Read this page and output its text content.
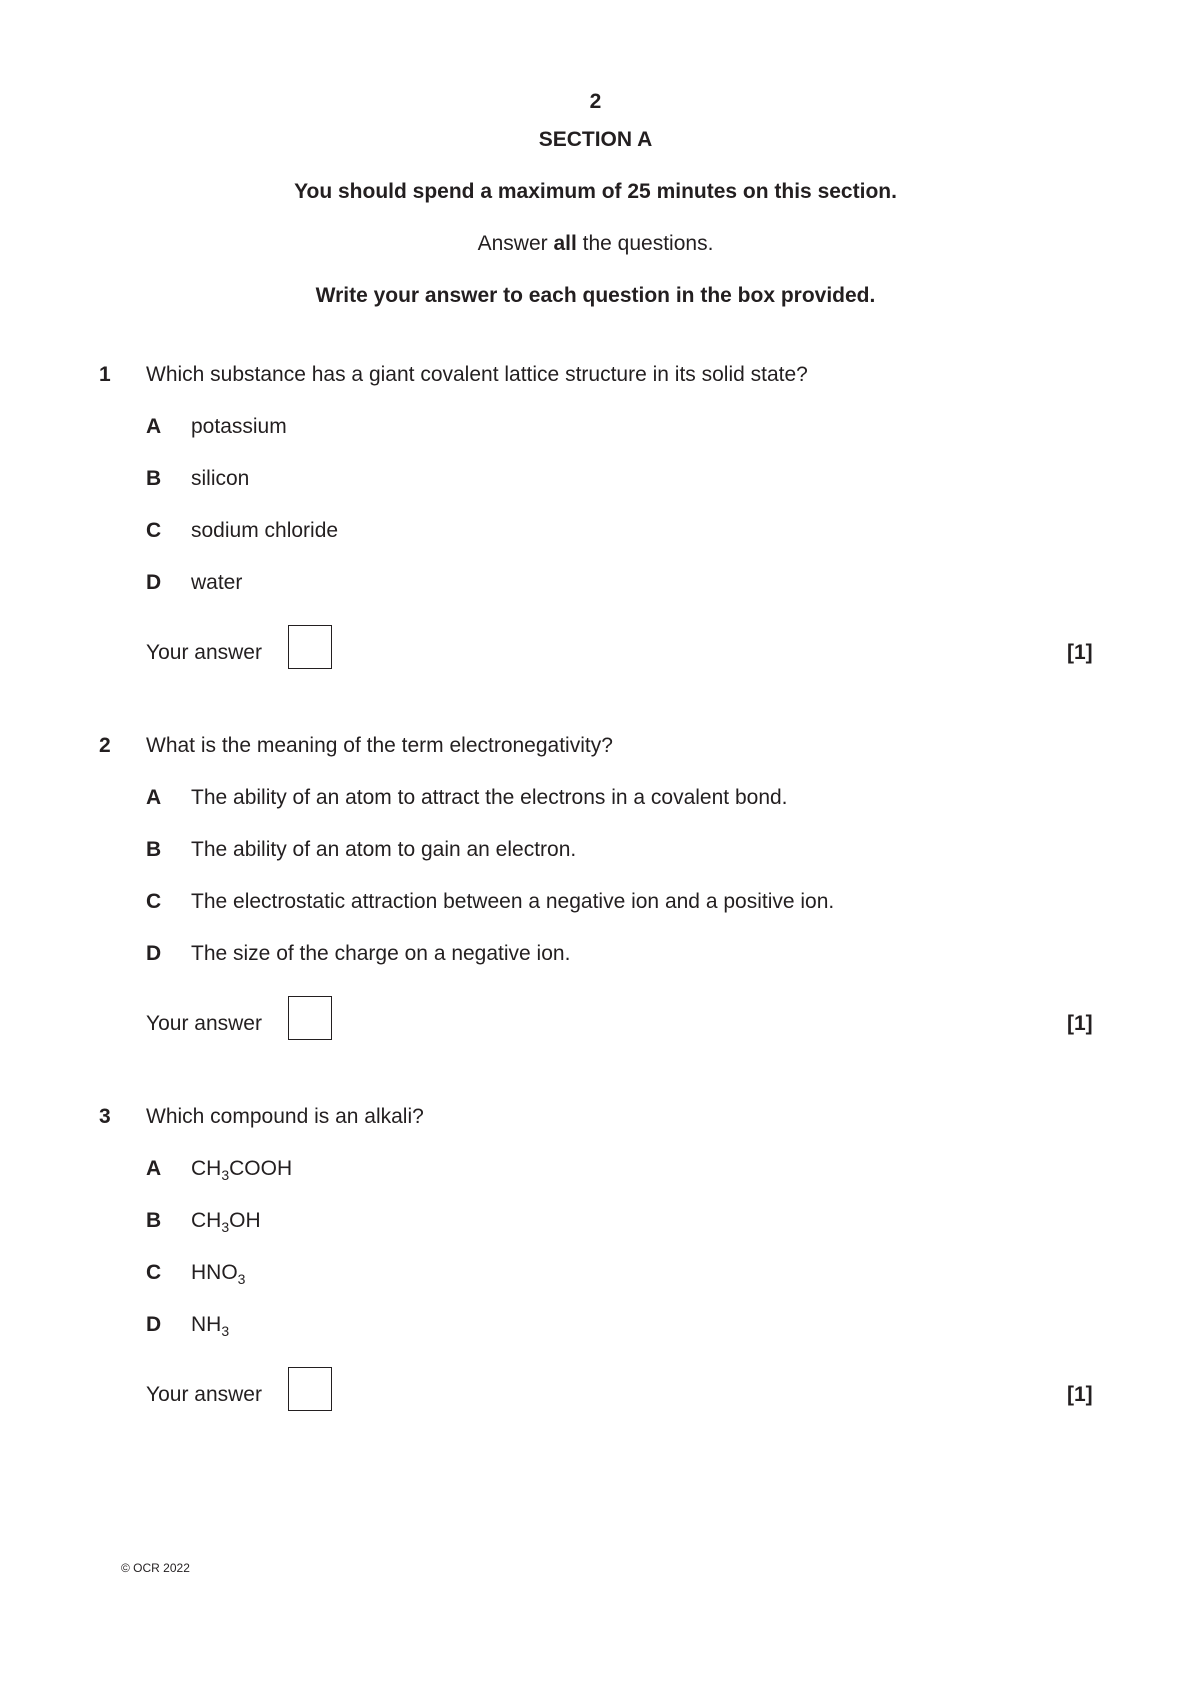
2
SECTION A
You should spend a maximum of 25 minutes on this section.
Answer all the questions.
Write your answer to each question in the box provided.
1 Which substance has a giant covalent lattice structure in its solid state?
A potassium
B silicon
C sodium chloride
D water
Your answer	[1]
2 What is the meaning of the term electronegativity?
A The ability of an atom to attract the electrons in a covalent bond.
B The ability of an atom to gain an electron.
C The electrostatic attraction between a negative ion and a positive ion.
D The size of the charge on a negative ion.
Your answer	[1]
3 Which compound is an alkali?
A $CH_3COOH$
B $CH_3OH$
C $HNO_3$
D $NH_3$
Your answer	[1]
© OCR 2022
